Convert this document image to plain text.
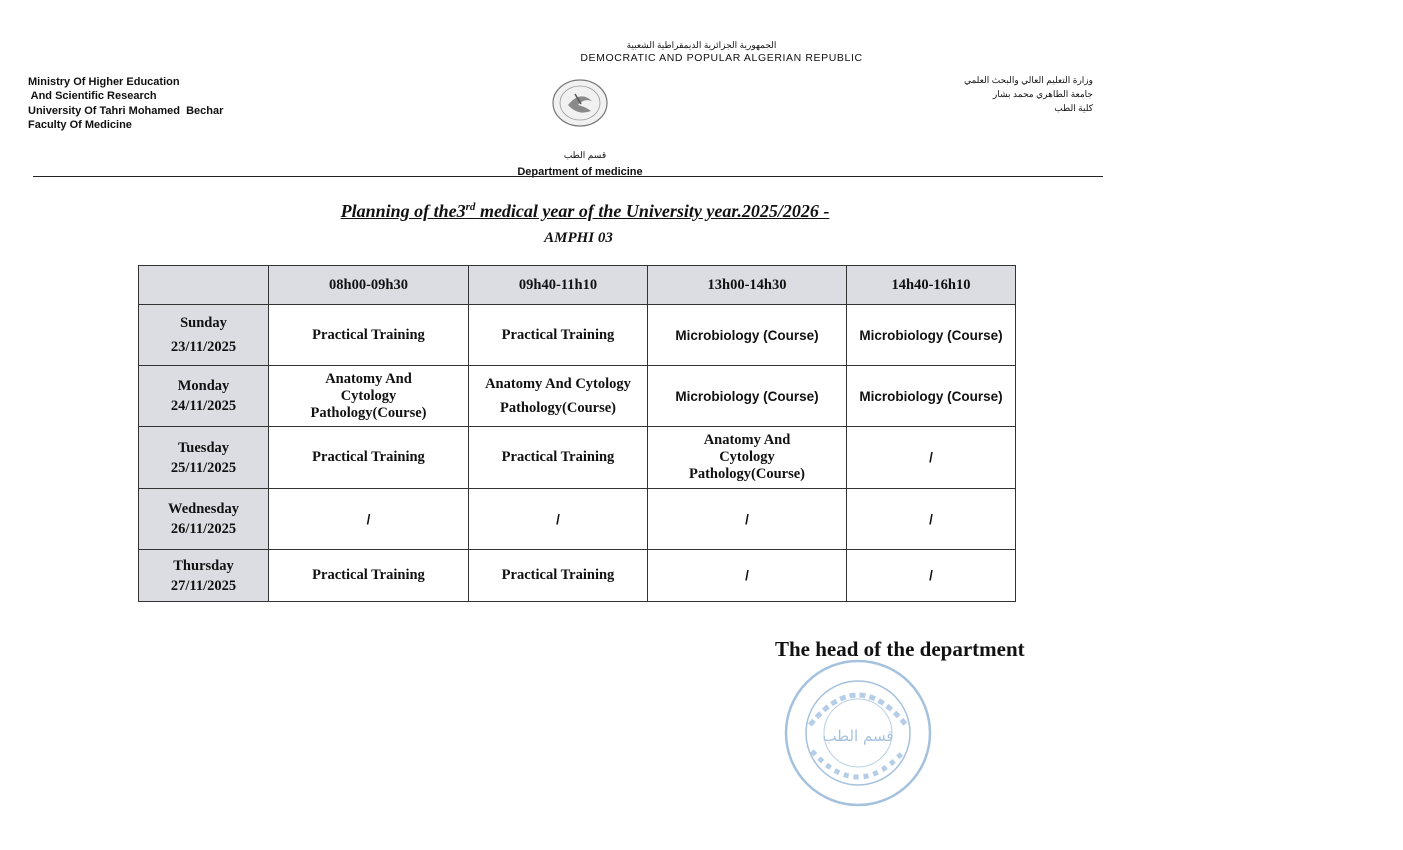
الجمهورية الجزائرية الديمقراطية الشعبية
DEMOCRATIC AND POPULAR ALGERIAN REPUBLIC
Ministry Of Higher Education
And Scientific Research
University Of Tahri Mohamed  Bechar
Faculty Of Medicine
وزارة التعليم العالي والبحث العلمي
جامعة الطاهري محمد بشار
كلية الطب
قسم الطب
Department of medicine
Planning of the3rd medical year of the University year.2025/2026 -
AMPHI 03
	08h00-09h30	09h40-11h10	13h00-14h30	14h40-16h10

Sunday
23/11/2025	Practical Training	Practical Training	Microbiology (Course)	Microbiology (Course)

Monday
24/11/2025	Anatomy And Cytology Pathology(Course)	Anatomy And Cytology Pathology(Course)	Microbiology (Course)	Microbiology (Course)

Tuesday
25/11/2025	Practical Training	Practical Training	Anatomy And Cytology Pathology(Course)	/

Wednesday
26/11/2025	/	/	/	/

Thursday
27/11/2025	Practical Training	Practical Training	/	/
The head of the department
قسم الطب
